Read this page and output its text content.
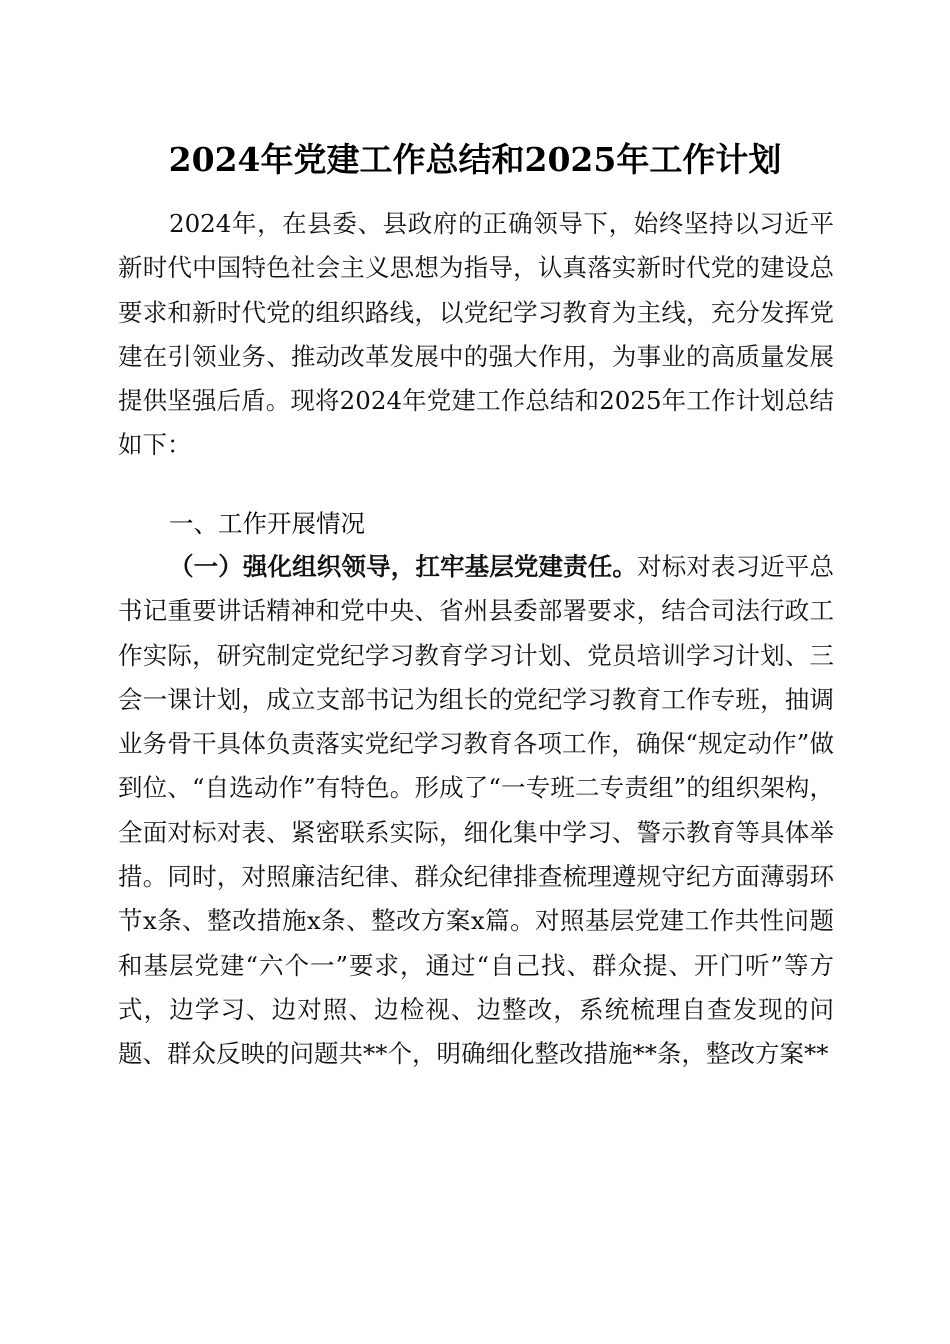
2024年党建工作总结和2025年工作计划
2024年，在县委、县政府的正确领导下，始终坚持以习近平新时代中国特色社会主义思想为指导，认真落实新时代党的建设总要求和新时代党的组织路线，以党纪学习教育为主线，充分发挥党建在引领业务、推动改革发展中的强大作用，为事业的高质量发展提供坚强后盾。现将2024年党建工作总结和2025年工作计划总结如下：
一、工作开展情况
（一）强化组织领导，扛牢基层党建责任。对标对表习近平总书记重要讲话精神和党中央、省州县委部署要求，结合司法行政工作实际，研究制定党纪学习教育学习计划、党员培训学习计划、三会一课计划，成立支部书记为组长的党纪学习教育工作专班，抽调业务骨干具体负责落实党纪学习教育各项工作，确保“规定动作”做到位、“自选动作”有特色。形成了“一专班二专责组”的组织架构，全面对标对表、紧密联系实际，细化集中学习、警示教育等具体举措。同时，对照廉洁纪律、群众纪律排查梳理遵规守纪方面薄弱环节x条、整改措施x条、整改方案x篇。对照基层党建工作共性问题和基层党建“六个一”要求，通过“自己找、群众提、开门听”等方式，边学习、边对照、边检视、边整改，系统梳理自查发现的问题、群众反映的问题共**个，明确细化整改措施**条，整改方案**
